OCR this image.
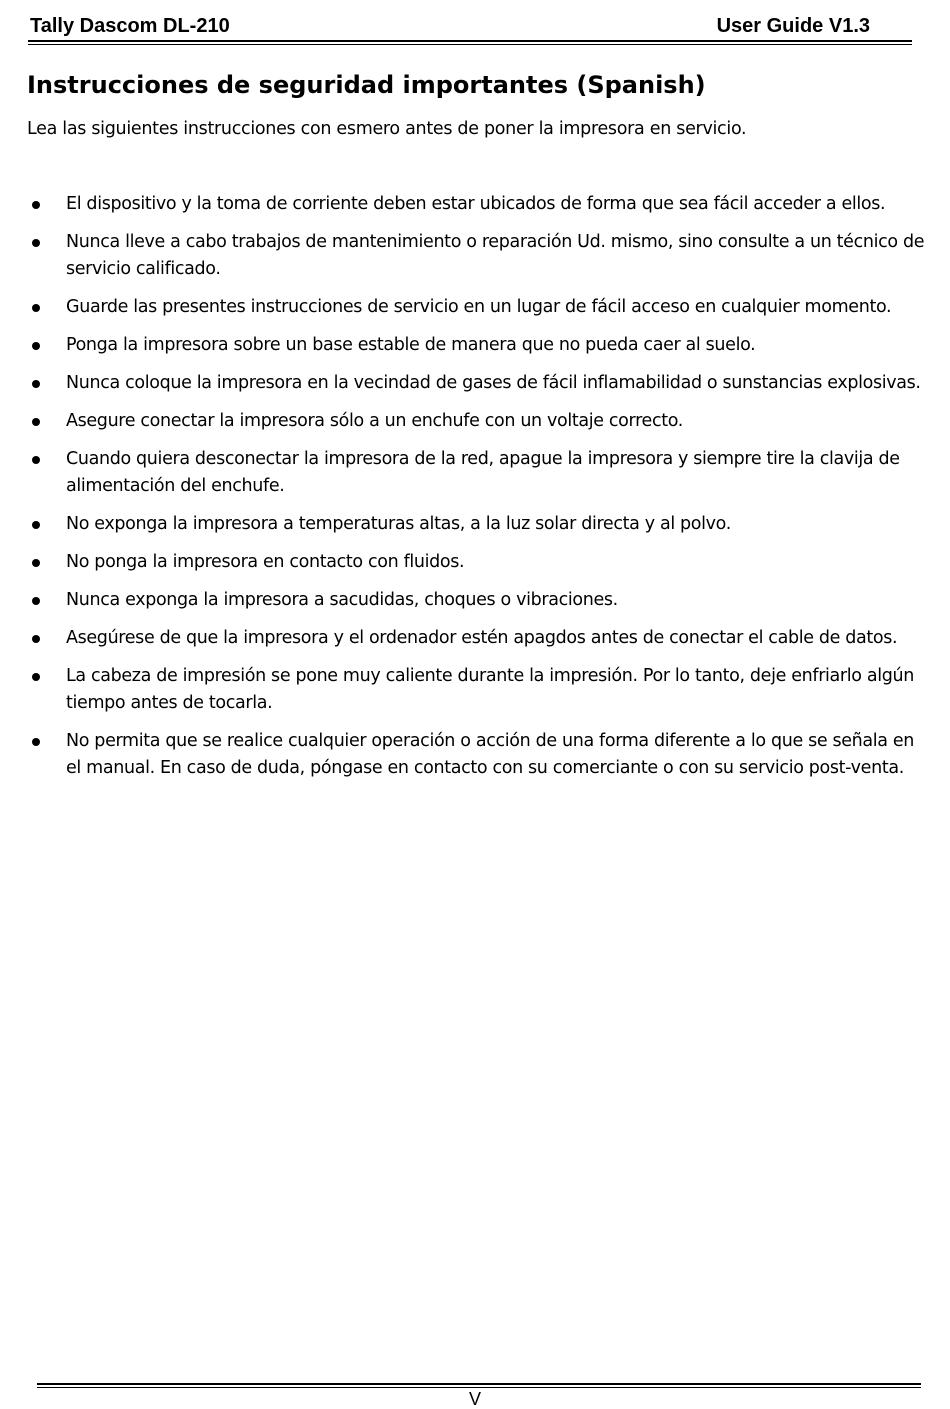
Tally Dascom DL-210	User Guide V1.3
Instrucciones de seguridad importantes (Spanish)

Lea las siguientes instrucciones con esmero antes de poner la impresora en servicio.

El dispositivo y la toma de corriente deben estar ubicados de forma que sea fácil acceder a ellos.
Nunca lleve a cabo trabajos de mantenimiento o reparación Ud. mismo, sino consulte a un técnico de servicio calificado.
Guarde las presentes instrucciones de servicio en un lugar de fácil acceso en cualquier momento.
Ponga la impresora sobre un base estable de manera que no pueda caer al suelo.
Nunca coloque la impresora en la vecindad de gases de fácil inflamabilidad o sunstancias explosivas.
Asegure conectar la impresora sólo a un enchufe con un voltaje correcto.
Cuando quiera desconectar la impresora de la red, apague la impresora y siempre tire la clavija de alimentación del enchufe.
No exponga la impresora a temperaturas altas, a la luz solar directa y al polvo.
No ponga la impresora en contacto con fluidos.
Nunca exponga la impresora a sacudidas, choques o vibraciones.
Asegúrese de que la impresora y el ordenador estén apagdos antes de conectar el cable de datos.
La cabeza de impresión se pone muy caliente durante la impresión. Por lo tanto, deje enfriarlo algún tiempo antes de tocarla.
No permita que se realice cualquier operación o acción de una forma diferente a lo que se señala en el manual. En caso de duda, póngase en contacto con su comerciante o con su servicio post-venta.
V
